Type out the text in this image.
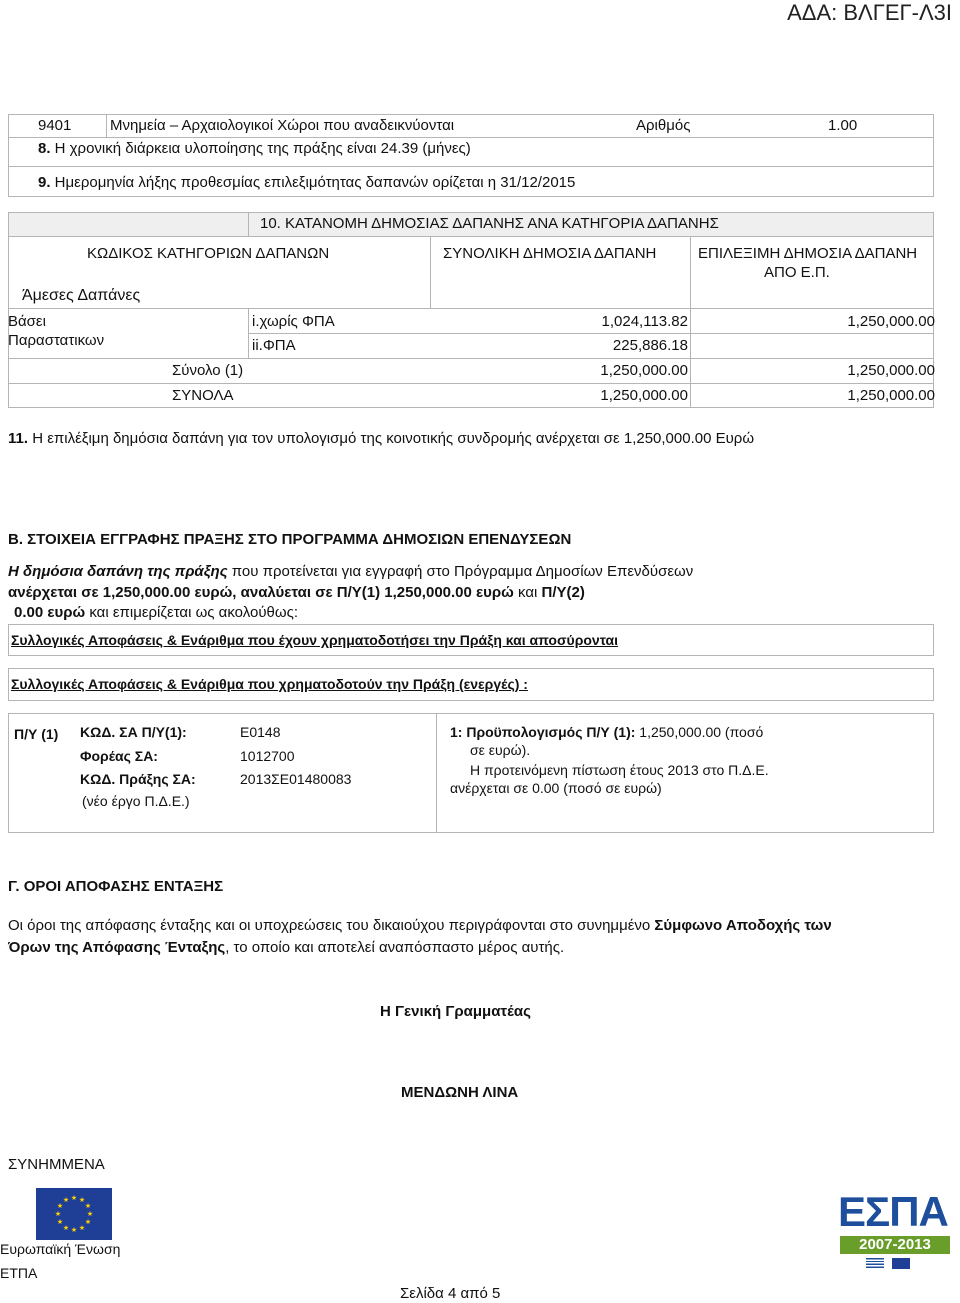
ΑΔΑ: ΒΛΓΕΓ-Λ3Ι
9401	Μνημεία – Αρχαιολογικοί Χώροι που αναδεικνύονται	Αριθμός	1.00
8. Η χρονική διάρκεια υλοποίησης της πράξης είναι 24.39 (μήνες)
9. Ημερομηνία λήξης προθεσμίας επιλεξιμότητας δαπανών ορίζεται η 31/12/2015
10. ΚΑΤΑΝΟΜΗ ΔΗΜΟΣΙΑΣ ΔΑΠΑΝΗΣ ΑΝΑ ΚΑΤΗΓΟΡΙΑ ΔΑΠΑΝΗΣ
ΚΩΔΙΚΟΣ ΚΑΤΗΓΟΡΙΩΝ ΔΑΠΑΝΩΝ	ΣΥΝΟΛΙΚΗ ΔΗΜΟΣΙΑ ΔΑΠΑΝΗ	ΕΠΙΛΕΞΙΜΗ ΔΗΜΟΣΙΑ ΔΑΠΑΝΗ
ΑΠΟ Ε.Π.
Άμεσες Δαπάνες
Βάσει
Παραστατικων
i.χωρίς ΦΠΑ	1,024,113.82	1,250,000.00
ii.ΦΠΑ	225,886.18
Σύνολο (1)	1,250,000.00	1,250,000.00
ΣΥΝΟΛΑ	1,250,000.00	1,250,000.00
11. Η επιλέξιμη δημόσια δαπάνη για τον υπολογισμό της κοινοτικής συνδρομής ανέρχεται σε 1,250,000.00 Ευρώ
Β. ΣΤΟΙΧΕΙΑ ΕΓΓΡΑΦΗΣ ΠΡΑΞΗΣ ΣΤΟ ΠΡΟΓΡΑΜΜΑ ΔΗΜΟΣΙΩΝ ΕΠΕΝΔΥΣΕΩΝ
Η δημόσια δαπάνη της πράξης που προτείνεται για εγγραφή στο Πρόγραμμα Δημοσίων Επενδύσεων
ανέρχεται σε 1,250,000.00 ευρώ, αναλύεται σε Π/Υ(1) 1,250,000.00 ευρώ και Π/Υ(2)
0.00 ευρώ και επιμερίζεται ως ακολούθως:
Συλλογικές Αποφάσεις & Ενάριθμα που έχουν χρηματοδοτήσει την Πράξη και αποσύρονται
Συλλογικές Αποφάσεις & Ενάριθμα που χρηματοδοτούν την Πράξη (ενεργές) :
Π/Υ (1) ΚΩΔ. ΣΑ Π/Υ(1):	Ε0148
Φορέας ΣΑ:	1012700
ΚΩΔ. Πράξης ΣΑ:	2013ΣΕ01480083
(νέο έργο Π.Δ.Ε.)
1: Προϋπολογισμός Π/Υ (1): 1,250,000.00 (ποσό
σε ευρώ).
Η προτεινόμενη πίστωση έτους 2013 στο Π.Δ.Ε.
ανέρχεται σε 0.00 (ποσό σε ευρώ)
Γ. ΟΡΟΙ ΑΠΟΦΑΣΗΣ ΕΝΤΑΞΗΣ
Οι όροι της απόφασης ένταξης και οι υποχρεώσεις του δικαιούχου περιγράφονται στο συνημμένο Σύμφωνο Αποδοχής των
Όρων της Απόφασης Ένταξης, το οποίο και αποτελεί αναπόσπαστο μέρος αυτής.
Η Γενική Γραμματέας
ΜΕΝΔΩΝΗ ΛΙΝΑ
ΣΥΝΗΜΜΕΝΑ
★ ★
★
★
★
★
★
★
★
★
★
★
Ευρωπαϊκή Ένωση
ΕΤΠΑ
ΕΣΠΑ
2007-2013
Σελίδα 4 από 5
